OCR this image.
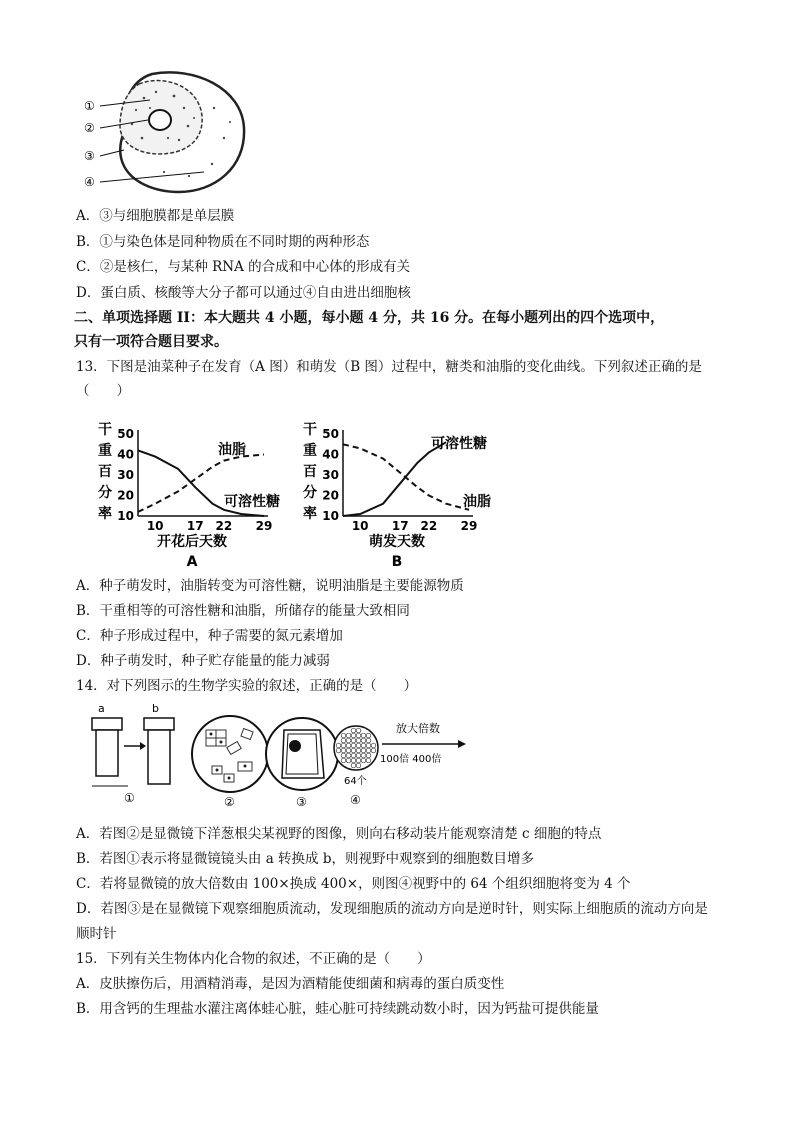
①
②
③
④
A．③与细胞膜都是单层膜
B．①与染色体是同种物质在不同时期的两种形态
C．②是核仁，与某种 RNA 的合成和中心体的形成有关
D．蛋白质、核酸等大分子都可以通过④自由进出细胞核
二、单项选择题 II：本大题共 4 小题，每小题 4 分，共 16 分。在每小题列出的四个选项中，
只有一项符合题目要求。
13．下图是油菜种子在发育（A 图）和萌发（B 图）过程中，糖类和油脂的变化曲线。下列叙述正确的是
（　　）
干
重
百
分
率 10
20
30
40
50
10 17 22 29
开花后天数
A
可溶性糖
油脂
干
重
百
分
率 10
20
30
40
50
10 17 22 29
萌发天数
B
可溶性糖
油脂
A．种子萌发时，油脂转变为可溶性糖，说明油脂是主要能源物质
B．干重相等的可溶性糖和油脂，所储存的能量大致相同
C．种子形成过程中，种子需要的氮元素增加
D．种子萌发时，种子贮存能量的能力减弱
14．对下列图示的生物学实验的叙述，正确的是（　　）
a	b
①	②	③
64个
④
放大倍数
100倍 400倍
A．若图②是显微镜下洋葱根尖某视野的图像，则向右移动装片能观察清楚 c 细胞的特点
B．若图①表示将显微镜镜头由 a 转换成 b，则视野中观察到的细胞数目增多
C．若将显微镜的放大倍数由 100×换成 400×，则图④视野中的 64 个组织细胞将变为 4 个
D．若图③是在显微镜下观察细胞质流动，发现细胞质的流动方向是逆时针，则实际上细胞质的流动方向是
顺时针
15．下列有关生物体内化合物的叙述，不正确的是（　　）
A．皮肤擦伤后，用酒精消毒，是因为酒精能使细菌和病毒的蛋白质变性
B．用含钙的生理盐水灌注离体蛙心脏，蛙心脏可持续跳动数小时，因为钙盐可提供能量
